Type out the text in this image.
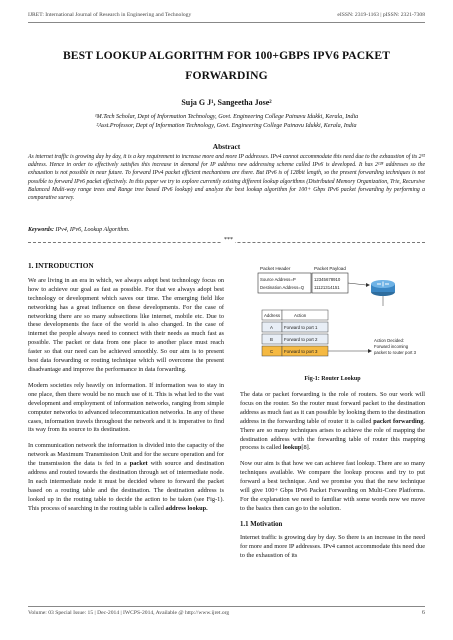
IJRET: International Journal of Research in Engineering and Technology	eISSN: 2319-1163 | pISSN: 2321-7308
BEST LOOKUP ALGORITHM FOR 100+GBPS IPV6 PACKET FORWARDING
Suja G J¹, Sangeetha Jose²
¹M.Tech Scholar, Dept of Information Technology, Govt. Engineering College Painavu Idukki, Kerala, India
²Asst.Professor, Dept of Information Technology, Govt. Engineering College Painavu Idukki, Kerala, India
Abstract
As internet traffic is growing day by day, it is a key requirement to increase more and more IP addresses. IPv4 cannot accommodate this need due to the exhaustion of its 2³² address. Hence in order to effectively satisfies this increase in demand for IP address new addressing scheme called IPv6 is developed. It has 2¹²⁸ addresses so the exhaustion is not possible in near future. To forward IPv4 packet efficient mechanisms are there. But IPv6 is of 128bit length, so the present forwarding techniques is not possible to forward IPv6 packet effectively. In this paper we try to explore currently existing different lookup algorithms (Distributed Memory Organization, Trie, Recursive Balanced Multi-way range trees and Range tree based IPv6 lookup) and analyze the best lookup algorithm for 100+ Gbps IPv6 packet forwarding by performing a comparative survey.
Keywords: IPv4, IPv6, Lookup Algorithm.
***
1. INTRODUCTION

We are living in an era in which, we always adopt best technology focus on how to achieve our goal as fast as possible. For that we always adopt best technology or development which saves our time. The emerging field like networking has a great influence on these developments. For the case of networking there are so many subsections like internet, mobile etc. Due to these developments the face of the world is also changed. In the case of internet the people always need to connect with their needs as much fast as possible. The packet or data from one place to another place must reach faster so that our need can be achieved smoothly. So our aim is to present best data forwarding or routing technique which will overcome the present disadvantage and improve the performance in data forwarding.

Modern societies rely heavily on information. If information was to stay in one place, then there would be no much use of it. This is what led to the vast development and employment of information networks, ranging from simple computer networks to advanced telecommunication networks. In any of these cases, information travels throughout the network and it is imperative to find its way from its source to its destination.

In communication network the information is divided into the capacity of the network as Maximum Transmission Unit and for the secure operation and for the transmission the data is fed in a packet with source and destination address and routed towards the destination through set of intermediate node. In each intermediate node it must be decided where to forward the packet based on a routing table and the destination. The destination address is looked up in the routing table to decide the action to be taken (see Fig-1). This process of searching in the routing table is called address lookup.

Packet Header	Packet Payload
Source Address=P
Destination Address=Q
12345678910
11121314151
Address	Action
A	Forward to port 1
B	Forward to port 2
C Forward to port 3
Action Decided:
Forward incoming
packet to router port 3
Fig-1: Router Lookup

The data or packet forwarding is the role of routers. So our work will focus on the router. So the router must forward packet to the destination address as much fast as it can possible by looking them to the destination address in the forwarding table of router it is called packet forwarding. There are so many techniques arises to achieve the role of mapping the destination address with the forwarding table of router this mapping process is called lookup[8].

Now our aim is that how we can achieve fast lookup. There are so many techniques available. We compare the lookup process and try to put forward a best technique. And we promise you that the new technique will give 100+ Gbps IPv6 Packet Forwarding on Multi-Core Platforms. For the explanation we need to familiar with some words now we move to the basics then can go to the solution.

1.1 Motivation

Internet traffic is growing day by day. So there is an increase in the need for more and more IP addresses. IPv4 cannot accommodate this need due to the exhaustion of its

Volume: 03 Special Issue: 15 | Dec-2014 | IWCPS-2014, Available @ http://www.ijret.org	6
